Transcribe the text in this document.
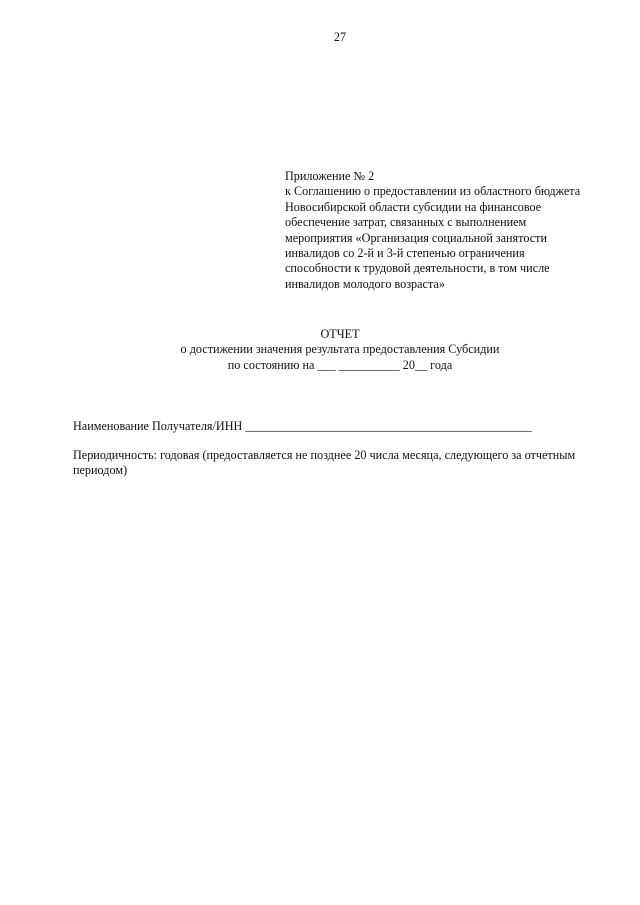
27
Приложение № 2
к Соглашению о предоставлении из областного бюджета
Новосибирской области субсидии на финансовое
обеспечение затрат, связанных с выполнением
мероприятия «Организация социальной занятости
инвалидов со 2-й и 3-й степенью ограничения
способности к трудовой деятельности, в том числе
инвалидов молодого возраста»
ОТЧЕТ
о достижении значения результата предоставления Субсидии
по состоянию на ___ __________ 20__ года
Наименование Получателя/ИНН _______________________________________________
Периодичность: годовая (предоставляется не позднее 20 числа месяца, следующего за отчетным
периодом)
